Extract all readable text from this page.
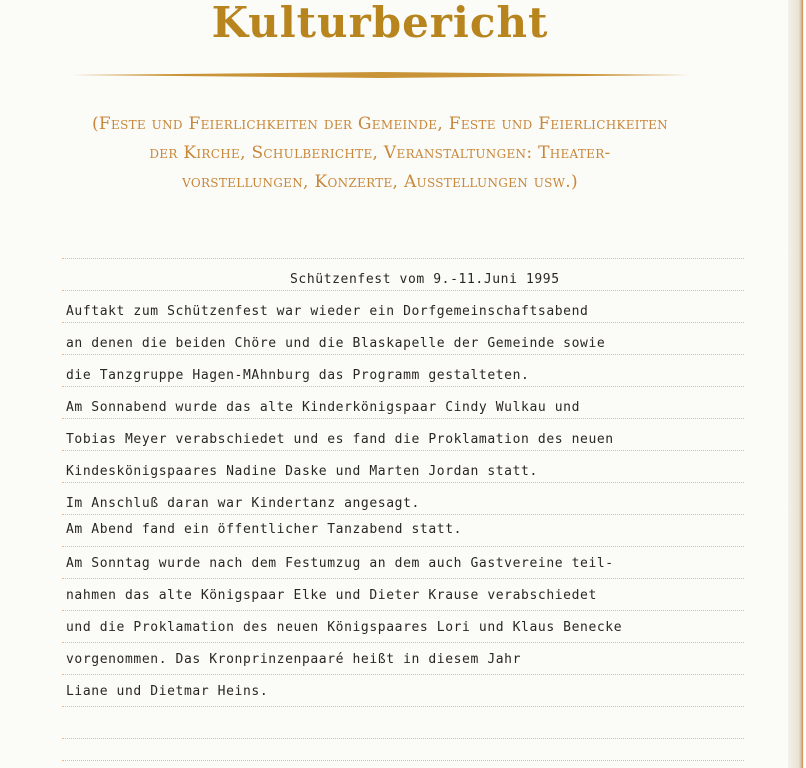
Kulturbericht
(Feste und Feierlichkeiten der Gemeinde, Feste und Feierlichkeiten
der Kirche, Schulberichte, Veranstaltungen: Theater-
vorstellungen, Konzerte, Ausstellungen usw.)
Schützenfest vom 9.-11.Juni 1995

Auftakt zum Schützenfest war wieder ein Dorfgemeinschaftsabend

an denen die beiden Chöre und die Blaskapelle der Gemeinde sowie

die Tanzgruppe Hagen-MAhnburg das Programm gestalteten.

Am Sonnabend wurde das alte Kinderkönigspaar Cindy Wulkau und

Tobias Meyer verabschiedet und es fand die Proklamation des neuen

Kindeskönigspaares Nadine Daske und Marten Jordan statt.

Im Anschluß daran war Kindertanz angesagt.

Am Abend fand ein öffentlicher Tanzabend statt.

Am Sonntag wurde nach dem Festumzug an dem auch Gastvereine teil-

nahmen das alte Königspaar Elke und Dieter Krause verabschiedet

und die Proklamation des neuen Königspaares Lori und Klaus Benecke

vorgenommen. Das Kronprinzenpaaré heißt in diesem Jahr

Liane und Dietmar Heins.
